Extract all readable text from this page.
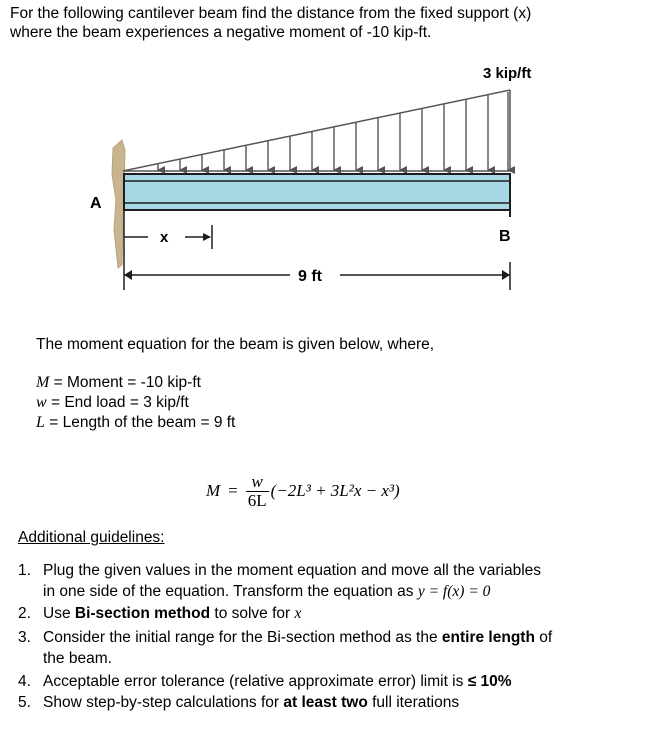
For the following cantilever beam find the distance from the fixed support (x)
where the beam experiences a negative moment of -10 kip-ft.
A
3 kip/ft
B
x
9 ft
The moment equation for the beam is given below, where,
M = Moment = -10 kip-ft
w = End load = 3 kip/ft
L = Length of the beam = 9 ft
$M = \frac{w}{6L} (-2L^3 + 3L^2x - x^3)$
Additional guidelines:
1. Plug the given values in the moment equation and move all the variables
in one side of the equation. Transform the equation as y = f(x) = 0
2. Use Bi-section method to solve for x
3. Consider the initial range for the Bi-section method as the entire length of
the beam.
4. Acceptable error tolerance (relative approximate error) limit is ≤ 10%
5. Show step-by-step calculations for at least two full iterations
